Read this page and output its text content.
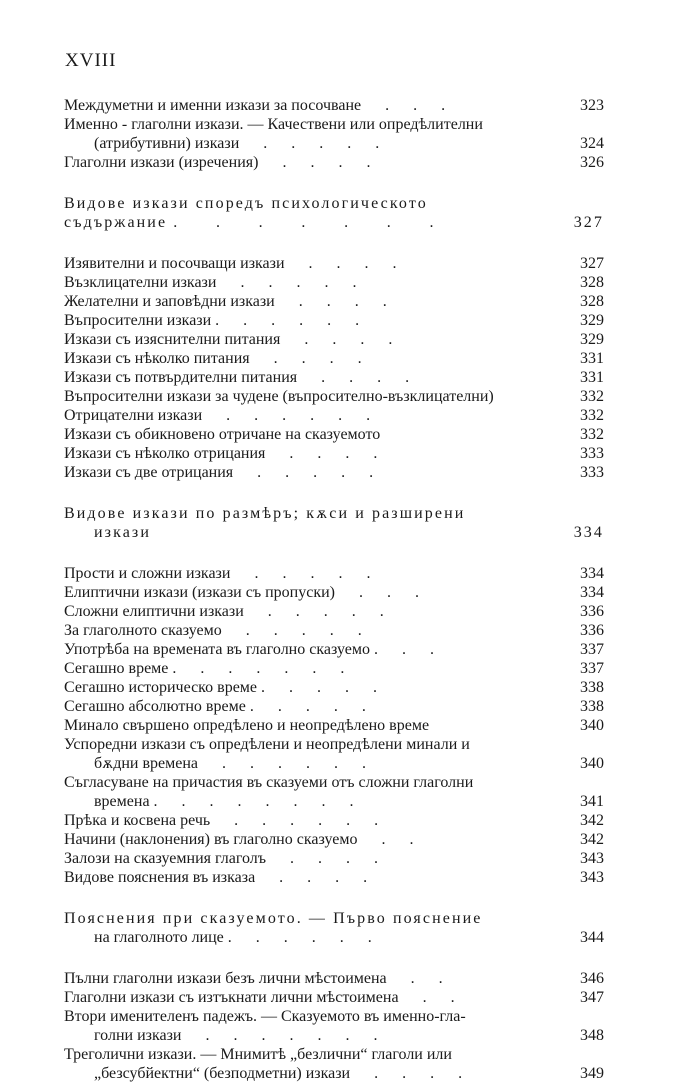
XVIII
Междуметни и именни изкази за посочване      .      .      .	323
Именно - глаголни изкази. — Качествени или опредѣлителни
(атрибутивни) изкази      .      .      .      .      .	324
Глаголни изкази (изречения)      .      .      .      .	326
Видове изкази споредъ психологическото
съдържание .      .      .      .      .      .      .	327
Изявителни и посочващи изкази      .      .      .      .	327
Възклицателни изкази      .      .      .      .      .	328
Желателни и заповѣдни изкази      .      .      .      .	328
Въпросителни изкази .      .      .      .      .      .	329
Изкази съ изяснителни питания      .      .      .      .	329
Изкази съ нѣколко питания      .      .      .      .	331
Изкази съ потвърдителни питания      .      .      .      .	331
Въпросителни изкази за чудене (въпросително-възклицателни)	332
Отрицателни изкази      .      .      .      .      .      .	332
Изкази съ обикновено отричане на сказуемото	332
Изкази съ нѣколко отрицания      .      .      .      .	333
Изкази съ две отрицания      .      .      .      .      .	333
Видове изкази по размѣръ; кѫси и разширени
изкази	334
Прости и сложни изкази      .      .      .      .      .	334
Елиптични изкази (изкази съ пропуски)      .      .      .	334
Сложни елиптични изкази      .      .      .      .      .	336
За глаголното сказуемо      .      .      .      .      .	336
Употрѣба на времената въ глаголно сказуемо .      .      .	337
Сегашно време .      .      .      .      .      .      .	337
Сегашно историческо време .      .      .      .      .	338
Сегашно абсолютно време .      .      .      .      .	338
Минало свършено опредѣлено и неопредѣлено време	340
Успоредни изкази съ опредѣлени и неопредѣлени минали и
бѫдни времена      .      .      .      .      .      .	340
Съгласуване на причастия въ сказуеми отъ сложни глаголни
времена .      .      .      .      .      .      .      .	341
Прѣка и косвена речь      .      .      .      .      .      .	342
Начини (наклонения) въ глаголно сказуемо      .      .	342
Залози на сказуемния глаголъ      .      .      .      .	343
Видове пояснения въ изказа      .      .      .      .	343
Пояснения при сказуемото. — Първо пояснение
на глаголното лице .      .      .      .      .      .	344
Пълни глаголни изкази безъ лични мѣстоимена      .      .	346
Глаголни изкази съ изтъкнати лични мѣстоимена      .      .	347
Втори именителенъ падежъ. — Сказуемото въ именно-гла-
голни изкази      .      .      .      .      .      .      .	348
Треголични изкази. — Мнимитѣ „безлични“ глаголи или
„безсубйектни“ (безподметни) изкази      .      .      .      .	349
